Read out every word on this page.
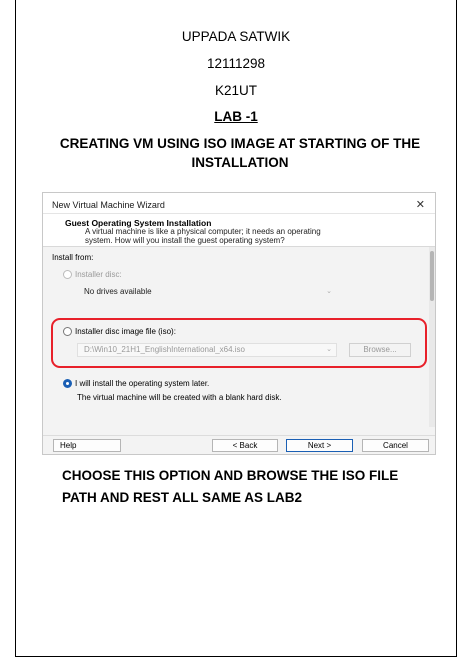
UPPADA SATWIK
12111298
K21UT
LAB -1
CREATING VM USING ISO IMAGE AT STARTING OF THE
INSTALLATION
New Virtual Machine Wizard	✕
Guest Operating System Installation
A virtual machine is like a physical computer; it needs an operating
system. How will you install the guest operating system?
Install from:
Installer disc:
No drives available	⌄
Installer disc image file (iso):
D:\Win10_21H1_EnglishInternational_x64.iso	⌄	Browse...
I will install the operating system later.
The virtual machine will be created with a blank hard disk.
Help	< Back	Next >	Cancel
CHOOSE THIS OPTION AND BROWSE THE ISO FILE
PATH AND REST ALL SAME AS LAB2
